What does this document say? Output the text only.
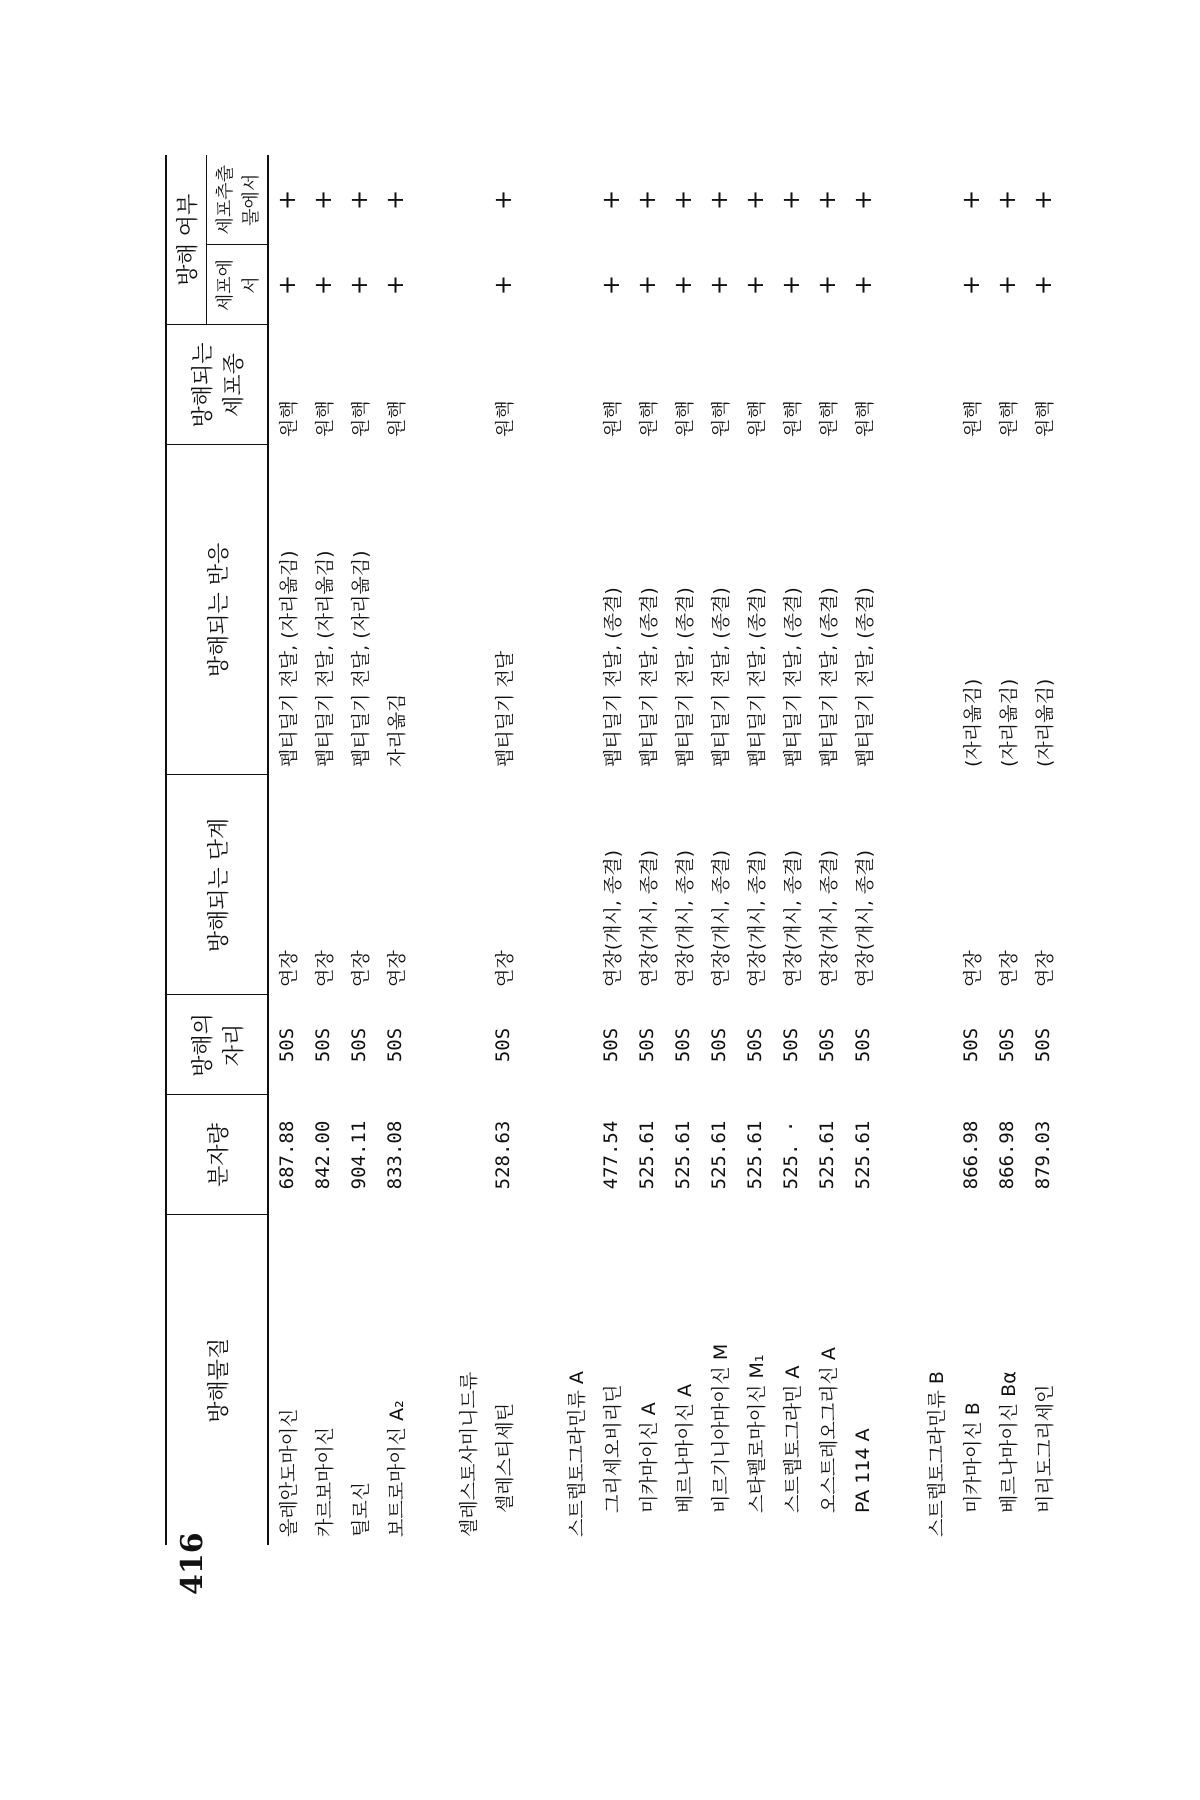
416
방해물질	분자량	방해의 자리	방해되는 단계	방해되는 반응	방해되는 세포종	방해 여부	
						세포에서	세포추출물에서
올레안도마이신	687.88	50S	연장	펩티딜기 전달, (자리옮김)	원핵	+	+
카르보마이신	842.00	50S	연장	펩티딜기 전달, (자리옮김)	원핵	+	+
틸로신	904.11	50S	연장	펩티딜기 전달, (자리옮김)	원핵	+	+
보트로마이신 A₂	833.08	50S	연장	자리옮김	원핵	+	+

셀레스토사미니드류							
셀레스티세틴	528.63	50S	연장	펩티딜기 전달	원핵	+	+

스트렙토그라민류 A							
그리세오비리딘	477.54	50S	연장(개시, 종결)	펩티딜기 전달, (종결)	원핵	+	+
미카마이신 A	525.61	50S	연장(개시, 종결)	펩티딜기 전달, (종결)	원핵	+	+
베르나마이신 A	525.61	50S	연장(개시, 종결)	펩티딜기 전달, (종결)	원핵	+	+
비르기니아마이신 M	525.61	50S	연장(개시, 종결)	펩티딜기 전달, (종결)	원핵	+	+
스타펠로마이신 M₁	525.61	50S	연장(개시, 종결)	펩티딜기 전달, (종결)	원핵	+	+
스트렙토그라민 A	525. ·	50S	연장(개시, 종결)	펩티딜기 전달, (종결)	원핵	+	+
오스트레오그리신 A	525.61	50S	연장(개시, 종결)	펩티딜기 전달, (종결)	원핵	+	+
PA 114 A	525.61	50S	연장(개시, 종결)	펩티딜기 전달, (종결)	원핵	+	+

스트렙토그라민류 B							
미카마이신 B	866.98	50S	연장	(자리옮김)	원핵	+	+
베르나마이신 Bα	866.98	50S	연장	(자리옮김)	원핵	+	+
비리도그리세인	879.03	50S	연장	(자리옮김)	원핵	+	+
